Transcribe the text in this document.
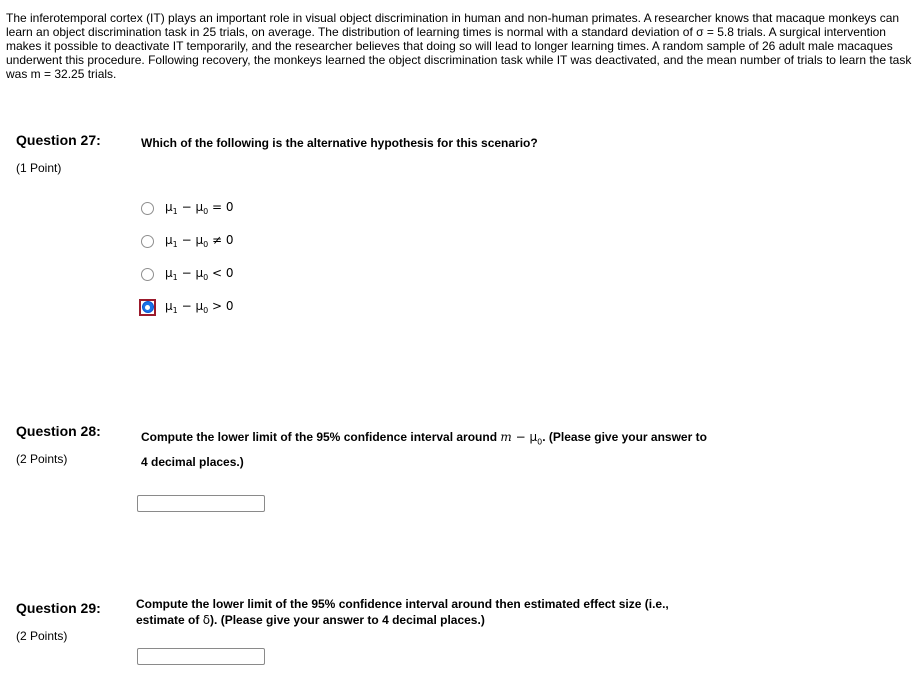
The inferotemporal cortex (IT) plays an important role in visual object discrimination in human and non-human primates. A researcher knows that macaque monkeys can learn an object discrimination task in 25 trials, on average. The distribution of learning times is normal with a standard deviation of σ = 5.8 trials. A surgical intervention makes it possible to deactivate IT temporarily, and the researcher believes that doing so will lead to longer learning times. A random sample of 26 adult male macaques underwent this procedure. Following recovery, the monkeys learned the object discrimination task while IT was deactivated, and the mean number of trials to learn the task was m = 32.25 trials.
Question 27:
(1 Point)
Which of the following is the alternative hypothesis for this scenario?
$\mu_1 - \mu_0 = 0$
$\mu_1 - \mu_0 \ne 0$
$\mu_1 - \mu_0 < 0$
$\mu_1 - \mu_0 > 0$
Question 28:
(2 Points)
Compute the lower limit of the 95% confidence interval around $m - \mu_0$. (Please give your answer to
4 decimal places.)
Question 29:
(2 Points)
Compute the lower limit of the 95% confidence interval around then estimated effect size (i.e.,
estimate of δ). (Please give your answer to 4 decimal places.)
